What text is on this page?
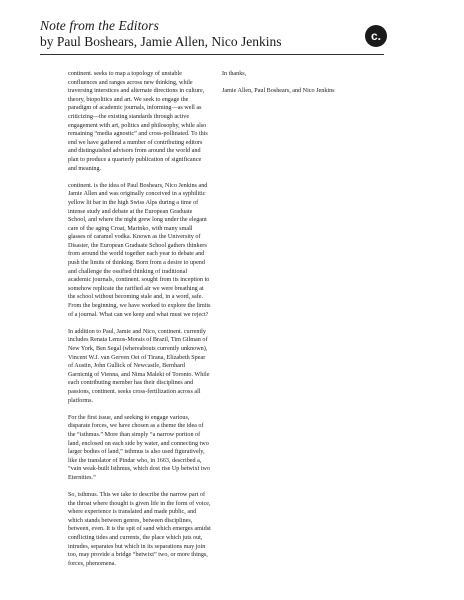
Note from the Editors
by Paul Boshears, Jamie Allen, Nico Jenkins	c.

continent. seeks to map a topology of unstable confluences and ranges across new thinking, while traversing interstices and alternate directions in culture, theory, biopolitics and art. We seek to engage the paradigm of academic journals, informing—as well as criticizing—the existing standards through active engagement with art, politics and philosophy, while also remaining “media agnostic” and cross-pollinated. To this end we have gathered a number of contributing editors and distinguished advisors from around the world and plan to produce a quarterly publication of significance and meaning.

continent. is the idea of Paul Boshears, Nico Jenkins and Jamie Allen and was originally conceived in a syphilitic yellow lit bar in the high Swiss Alps during a time of intense study and debate at the European Graduate School, and where the night grew long under the elegant care of the aging Croat, Marinko, with many small glasses of caramel vodka. Known as the University of Disaster, the European Graduate School gathers thinkers from around the world together each year to debate and push the limits of thinking. Born from a desire to upend and challenge the ossified thinking of traditional academic journals, continent. sought from its inception to somehow replicate the rarified air we were breathing at the school without becoming stale and, in a word, safe. From the beginning, we have worked to explore the limits of a journal. What can we keep and what must we reject?

In addition to Paul, Jamie and Nico, continent. currently includes Renata Lemos-Morais of Brazil, Tim Gilman of New York, Ben Segal (whereabouts currently unknown), Vincent W.J. van Gerven Oei of Tirana, Elizabeth Spear of Austin, John Gullick of Newcastle, Bernhard Garnicnig of Vienna, and Nima Maleki of Toronto. While each contributing member has their disciplines and passions, continent. seeks cross-fertilization across all platforms.

For the first issue, and seeking to engage various, disparate forces, we have chosen as a theme the idea of the “isthmus.” More than simply “a narrow portion of land, enclosed on each side by water, and connecting two larger bodies of land,” isthmus is also used figuratively, like the translator of Pindar who, in 1663, described a, “vain weak-built Isthmus, which dost rise Up betwixt two Eternities.”

So, isthmus. This we take to describe the narrow part of the throat where thought is given life in the form of voice, where experience is translated and made public, and which stands between genres, between disciplines, between, even. It is the spit of sand which emerges amidst conflicting tides and currents, the place which juts out, intrudes, separates but which in its separations may join too, may provide a bridge “betwixt” two, or more things, forces, phenomena.

In thanks,

Jamie Allen, Paul Boshears, and Nico Jenkins
